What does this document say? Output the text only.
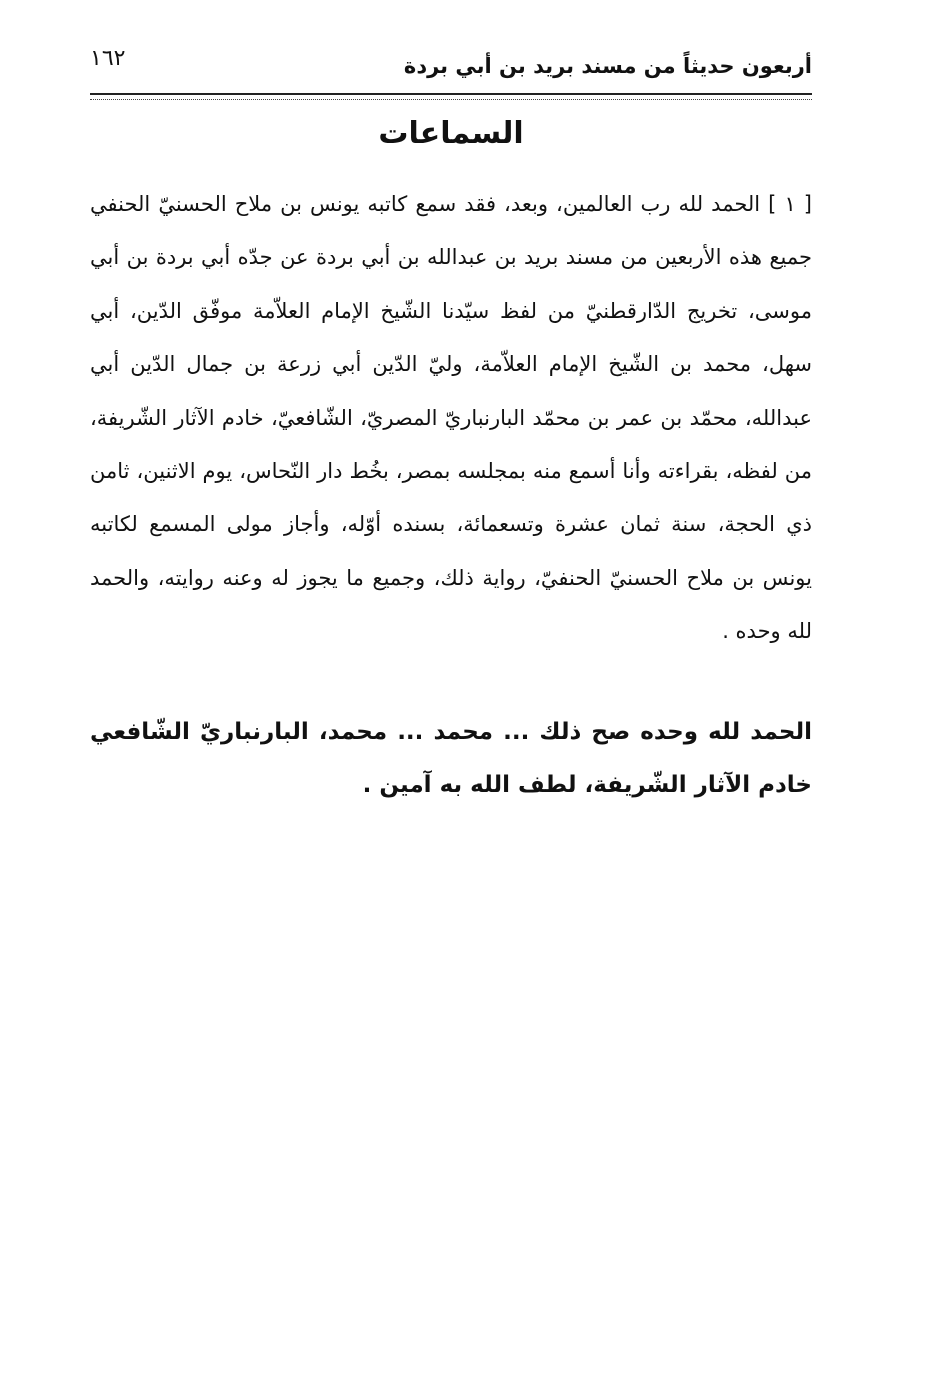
أربعون حديثاً من مسند بريد بن أبي بردة
١٦٢
السماعات

[ ١ ] الحمد لله رب العالمين، وبعد، فقد سمع كاتبه يونس بن ملاح الحسنيّ الحنفي جميع هذه الأربعين من مسند بريد بن عبدالله بن أبي بردة عن جدّه أبي بردة بن أبي موسى، تخريج الدّارقطنيّ من لفظ سيّدنا الشّيخ الإمام العلاّمة موفّق الدّين، أبي سهل، محمد بن الشّيخ الإمام العلاّمة، وليّ الدّين أبي زرعة بن جمال الدّين أبي عبدالله، محمّد بن عمر بن محمّد البارنباريّ المصريّ، الشّافعيّ، خادم الآثار الشّريفة، من لفظه، بقراءته وأنا أسمع منه بمجلسه بمصر، بخُط دار النّحاس، يوم الاثنين، ثامن ذي الحجة، سنة ثمان عشرة وتسعمائة، بسنده أوّله، وأجاز مولى المسمع لكاتبه يونس بن ملاح الحسنيّ الحنفيّ، رواية ذلك، وجميع ما يجوز له وعنه روايته، والحمد لله وحده .

الحمد لله وحده صح ذلك ... محمد ... محمد، البارنباريّ الشّافعي خادم الآثار الشّريفة، لطف الله به آمين .
